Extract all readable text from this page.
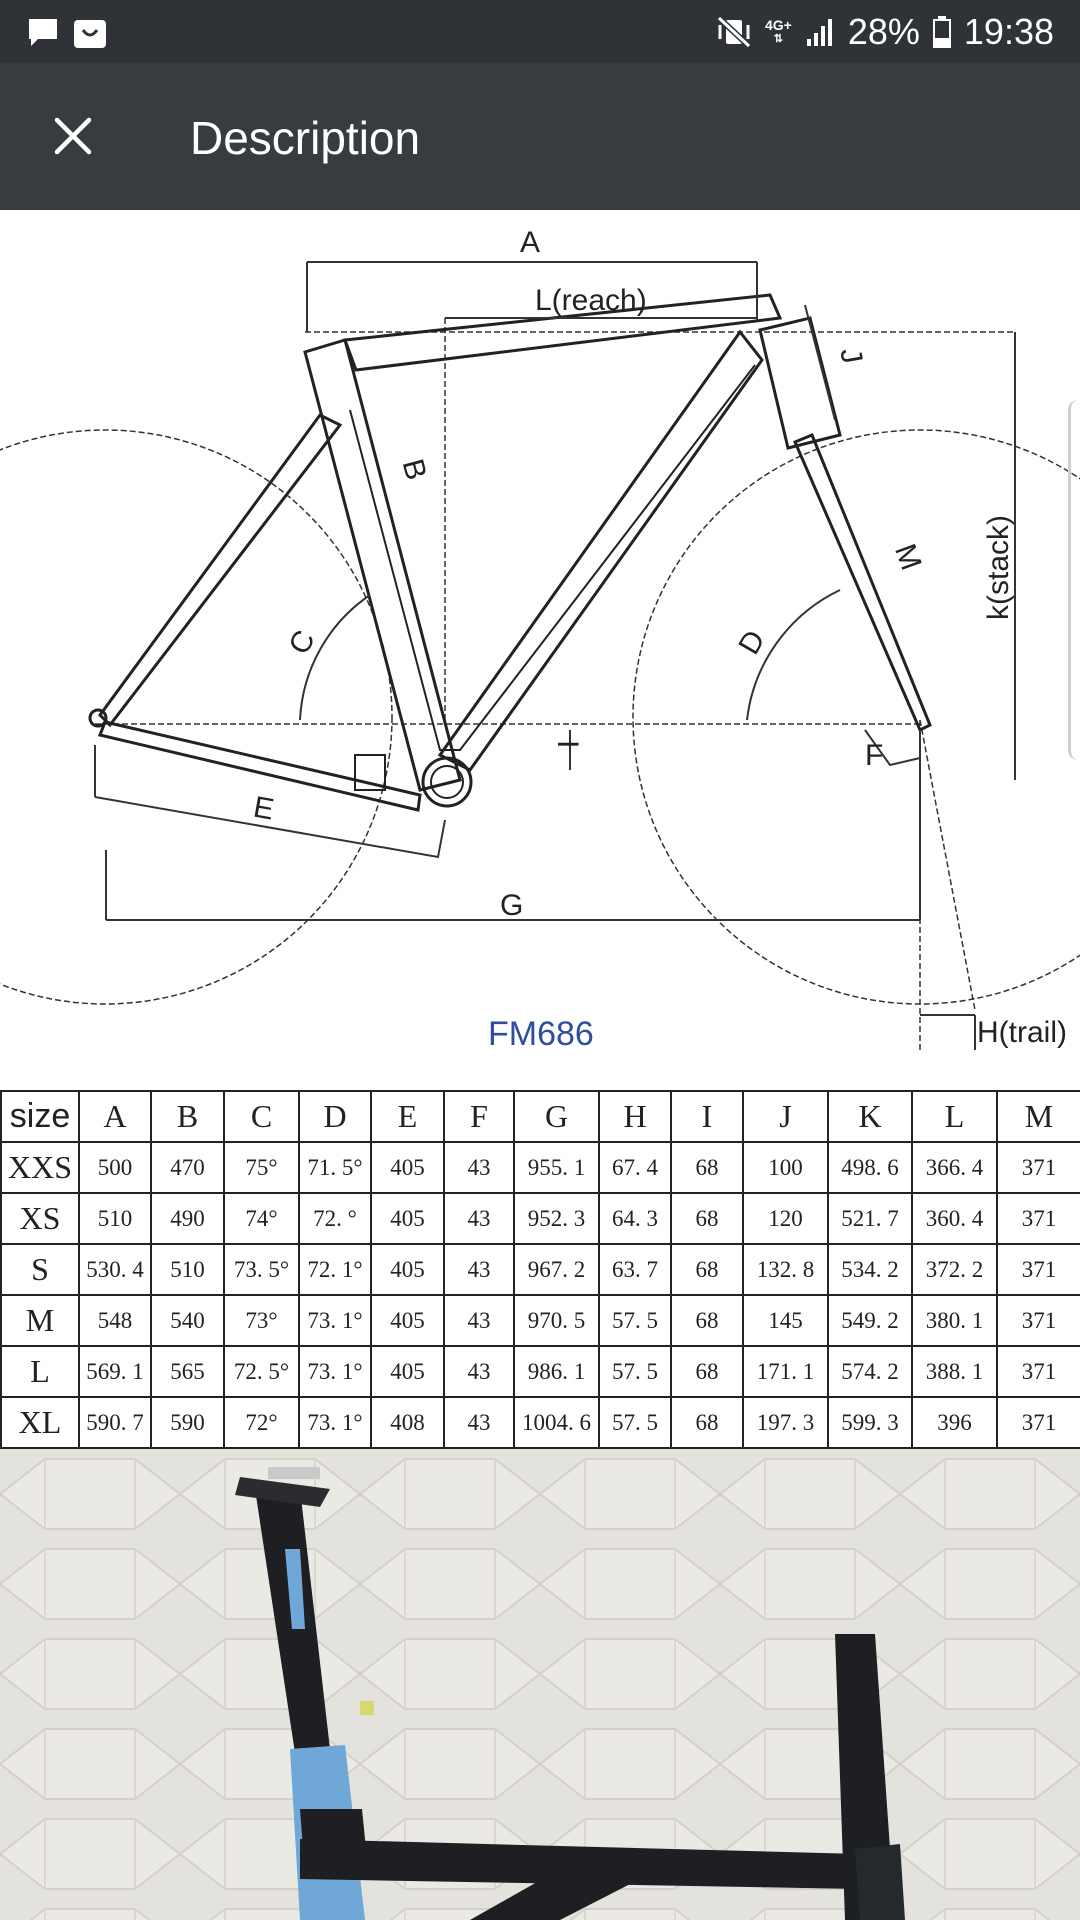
4G+
⇅ 28% 19:38
Description
A
L(reach)
B
C	D
E
F
G
H(trail)
I
J
k(stack)
M
FM686
size	A	B	C	D	E	F	G	H	I	J	K	L	M
XXS	500	470	75°	71. 5°	405	43	955. 1	67. 4	68	100	498. 6	366. 4	371
XS	510	490	74°	72. °	405	43	952. 3	64. 3	68	120	521. 7	360. 4	371
S	530. 4	510	73. 5°	72. 1°	405	43	967. 2	63. 7	68	132. 8	534. 2	372. 2	371
M	548	540	73°	73. 1°	405	43	970. 5	57. 5	68	145	549. 2	380. 1	371
L	569. 1	565	72. 5°	73. 1°	405	43	986. 1	57. 5	68	171. 1	574. 2	388. 1	371
XL	590. 7	590	72°	73. 1°	408	43	1004. 6	57. 5	68	197. 3	599. 3	396	371
